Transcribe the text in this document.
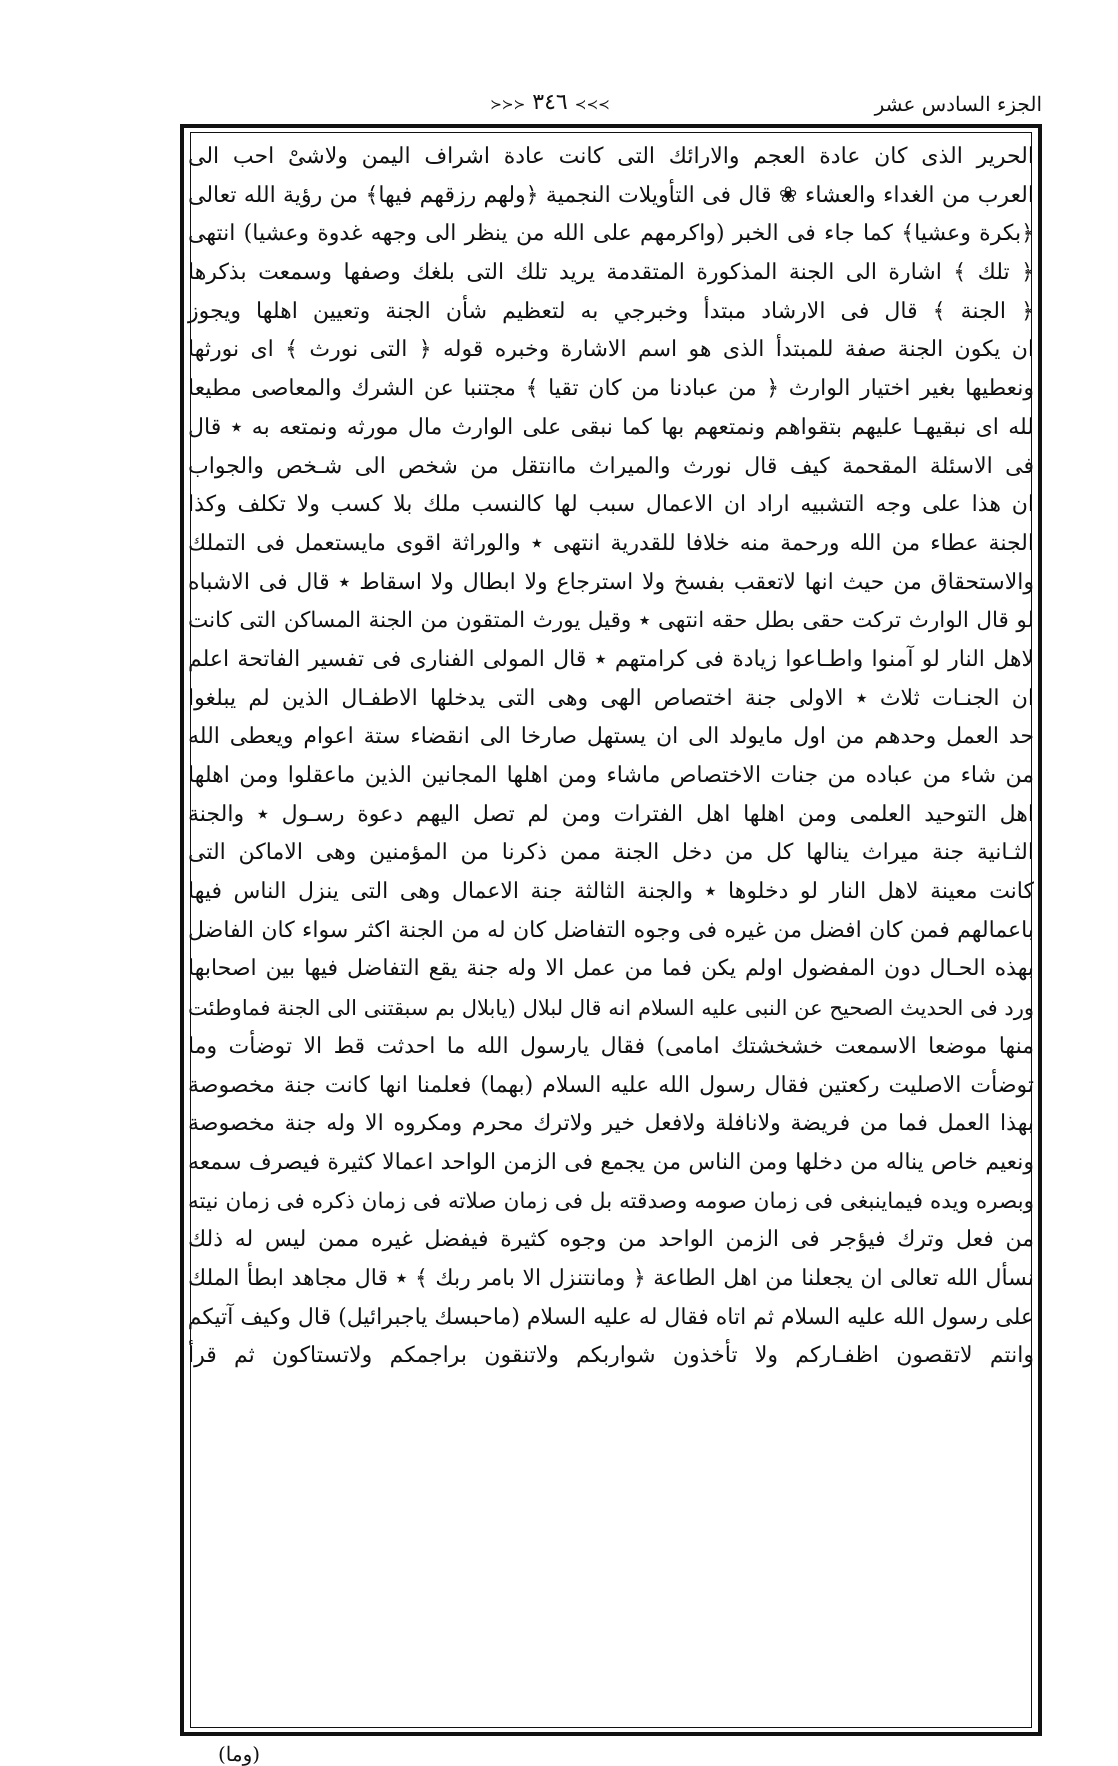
الجزء السادس عشر
≻≻≻ ٣٤٦ ≺≺≺
الحرير الذى كان عادة العجم والارائك التى كانت عادة اشراف اليمن ولاشىْ احب الى
العرب من الغداء والعشاء ❀ قال فى التأويلات النجمية ﴿ولهم رزقهم فيها﴾ من رؤية الله تعالى
﴿بكرة وعشيا﴾ كما جاء فى الخبر (واكرمهم على الله من ينظر الى وجهه غدوة وعشيا) انتهى
﴿ تلك ﴾ اشارة الى الجنة المذكورة المتقدمة يريد تلك التى بلغك وصفها وسمعت بذكرها
﴿ الجنة ﴾ قال فى الارشاد مبتدأ وخبرجي به لتعظيم شأن الجنة وتعيين اهلها ويجوز
ان يكون الجنة صفة للمبتدأ الذى هو اسم الاشارة وخبره قوله ﴿ التى نورث ﴾ اى نورثها
ونعطيها بغير اختيار الوارث ﴿ من عبادنا من كان تقيا ﴾ مجتنبا عن الشرك والمعاصى مطيعا
لله اى نبقيهـا عليهم بتقواهم ونمتعهم بها كما نبقى على الوارث مال مورثه ونمتعه به ٭ قال
فى الاسئلة المقحمة كيف قال نورث والميراث ماانتقل من شخص الى شـخص والجواب
ان هذا على وجه التشبيه اراد ان الاعمال سبب لها كالنسب ملك بلا كسب ولا تكلف وكذا
الجنة عطاء من الله ورحمة منه خلافا للقدرية انتهى ٭ والوراثة اقوى مايستعمل فى التملك
والاستحقاق من حيث انها لاتعقب بفسخ ولا استرجاع ولا ابطال ولا اسقاط ٭ قال فى الاشباه
لو قال الوارث تركت حقى بطل حقه انتهى ٭ وقيل يورث المتقون من الجنة المساكن التى كانت
لاهل النار لو آمنوا واطـاعوا زيادة فى كرامتهم ٭ قال المولى الفنارى فى تفسير الفاتحة اعلم
ان الجنـات ثلاث ٭ الاولى جنة اختصاص الهى وهى التى يدخلها الاطفـال الذين لم يبلغوا
حد العمل وحدهم من اول مايولد الى ان يستهل صارخا الى انقضاء ستة اعوام ويعطى الله
من شاء من عباده من جنات الاختصاص ماشاء ومن اهلها المجانين الذين ماعقلوا ومن اهلها
اهل التوحيد العلمى ومن اهلها اهل الفترات ومن لم تصل اليهم دعوة رسـول ٭ والجنة
الثـانية جنة ميراث ينالها كل من دخل الجنة ممن ذكرنا من المؤمنين وهى الاماكن التى
كانت معينة لاهل النار لو دخلوها ٭ والجنة الثالثة جنة الاعمال وهى التى ينزل الناس فيها
باعمالهم فمن كان افضل من غيره فى وجوه التفاضل كان له من الجنة اكثر سواء كان الفاضل
بهذه الحـال دون المفضول اولم يكن فما من عمل الا وله جنة يقع التفاضل فيها بين اصحابها
ورد فى الحديث الصحيح عن النبى عليه السلام انه قال لبلال (يابلال بم سبقتنى الى الجنة فماوطئت
منها موضعا الاسمعت خشخشتك امامى) فقال يارسول الله ما احدثت قط الا توضأت وما
توضأت الاصليت ركعتين فقال رسول الله عليه السلام (بهما) فعلمنا انها كانت جنة مخصوصة
بهذا العمل فما من فريضة ولانافلة ولافعل خير ولاترك محرم ومكروه الا وله جنة مخصوصة
ونعيم خاص يناله من دخلها ومن الناس من يجمع فى الزمن الواحد اعمالا كثيرة فيصرف سمعه
وبصره ويده فيماينبغى فى زمان صومه وصدقته بل فى زمان صلاته فى زمان ذكره فى زمان نيته
من فعل وترك فيؤجر فى الزمن الواحد من وجوه كثيرة فيفضل غيره ممن ليس له ذلك
نسأل الله تعالى ان يجعلنا من اهل الطاعة ﴿ ومانتنزل الا بامر ربك ﴾ ٭ قال مجاهد ابطأ الملك
على رسول الله عليه السلام ثم اتاه فقال له عليه السلام (ماحبسك ياجبرائيل) قال وكيف آتيكم
وانتم لاتقصون اظفـاركم ولا تأخذون شواربكم ولاتنقون براجمكم ولاتستاكون ثم قرأ
(وما)
